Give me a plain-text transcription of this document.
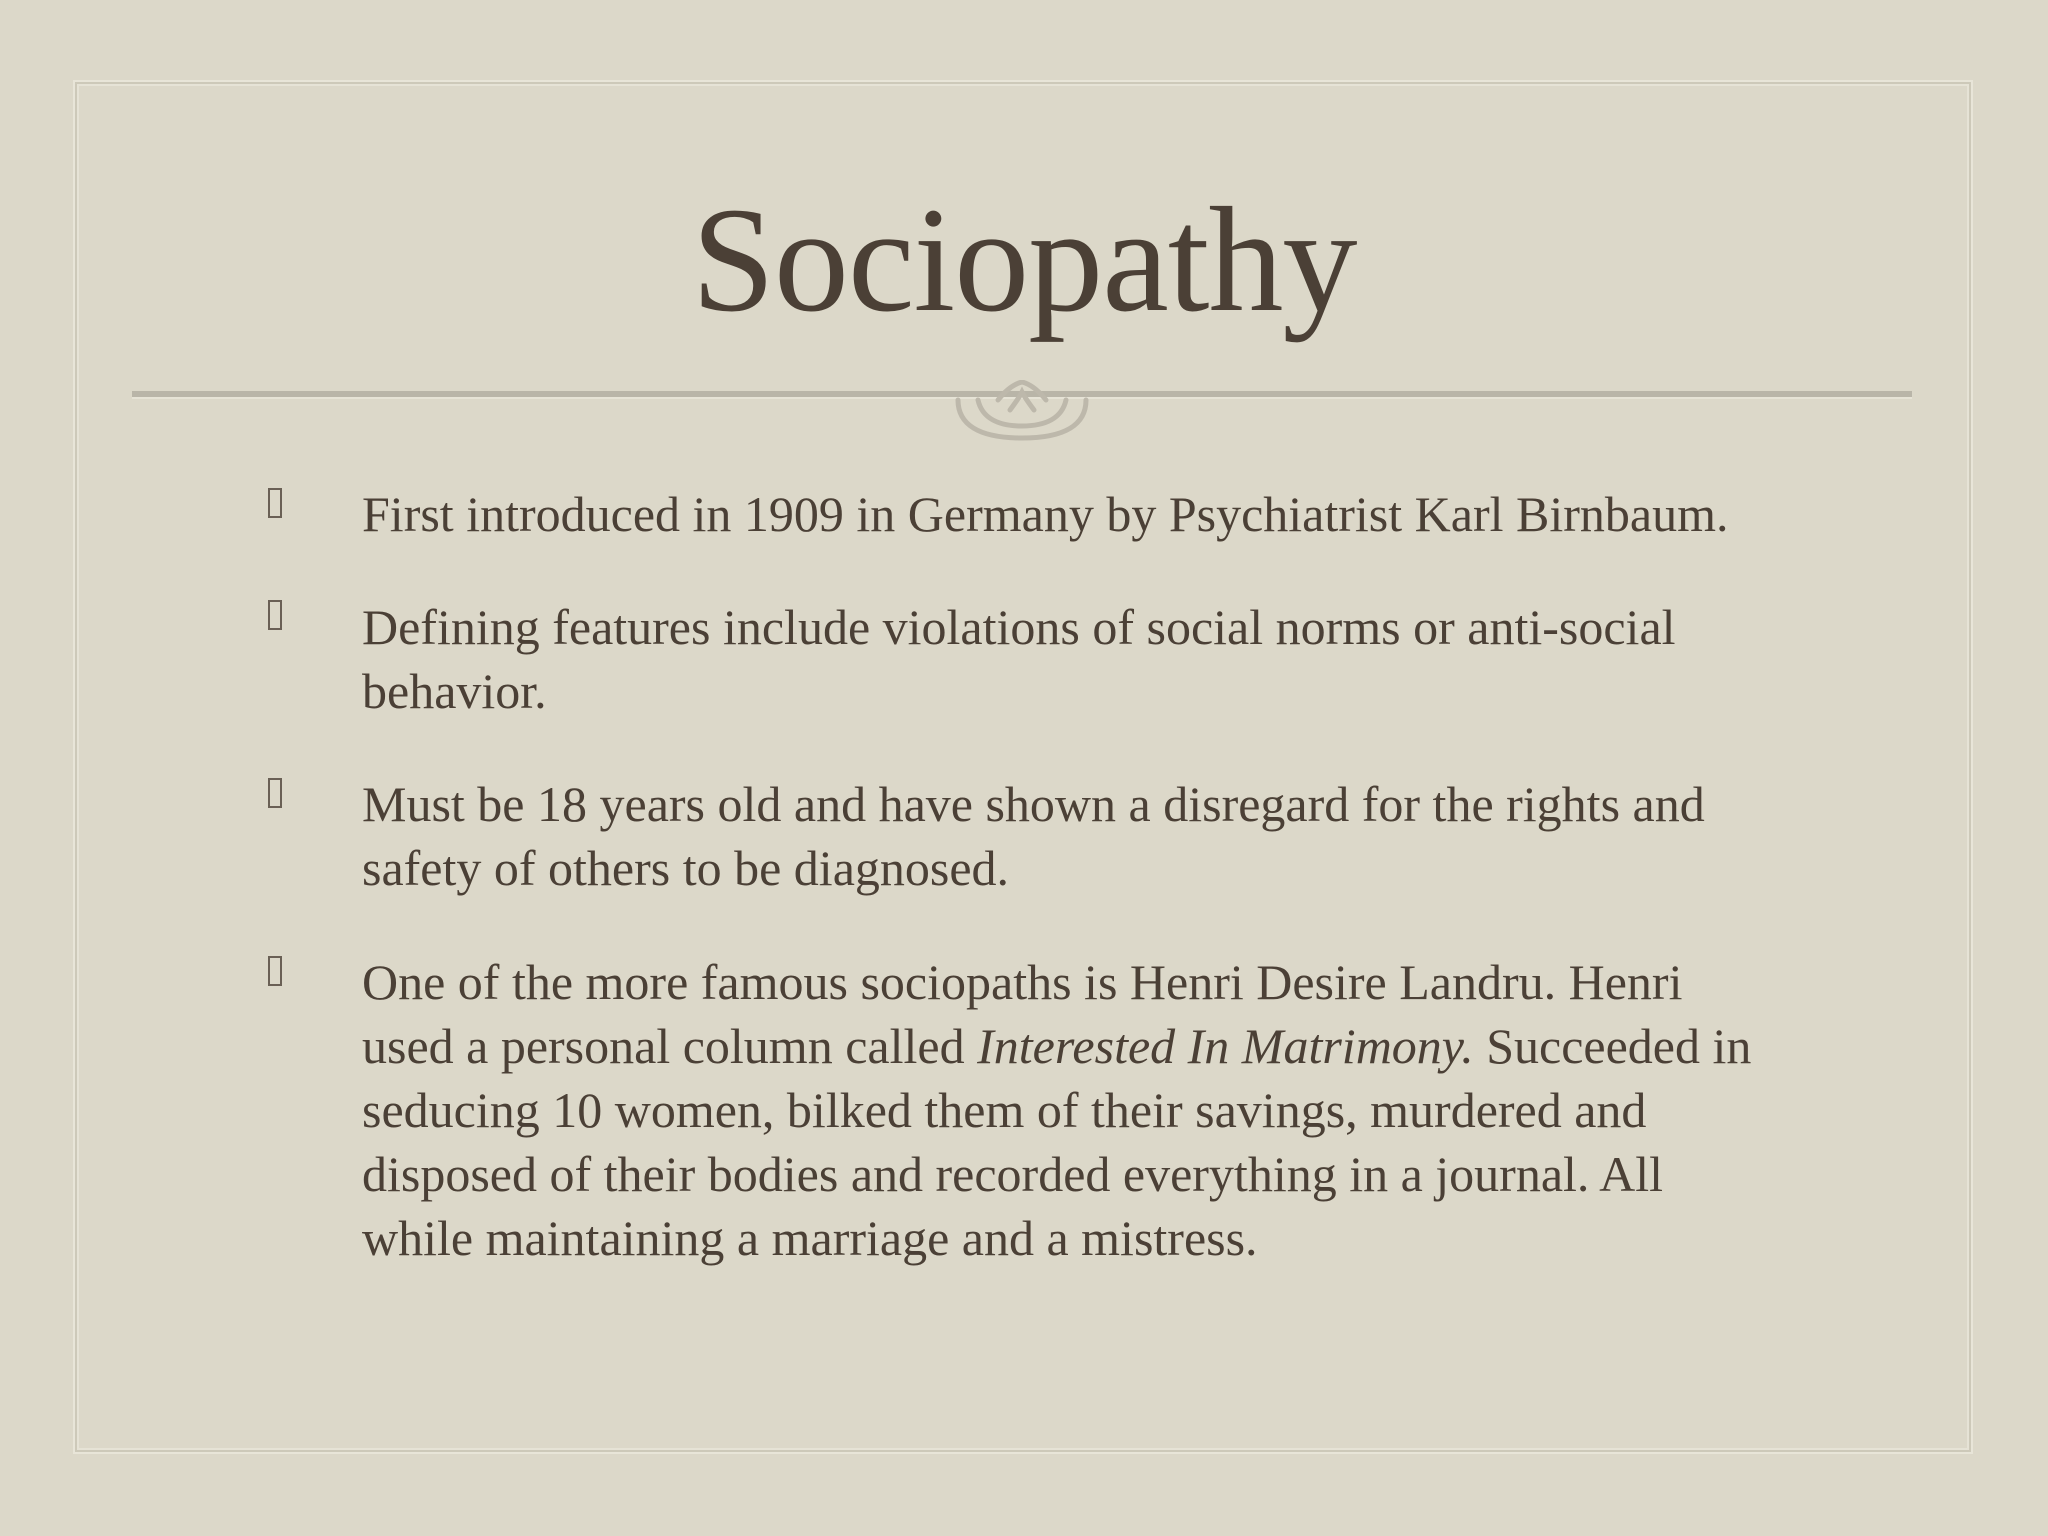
Sociopathy
First introduced in 1909 in Germany by Psychiatrist Karl Birnbaum.
Defining features include violations of social norms or anti-social behavior.
Must be 18 years old and have shown a disregard for the rights and safety of others to be diagnosed.
One of the more famous sociopaths is Henri Desire Landru. Henri used a personal column called Interested In Matrimony. Succeeded in seducing 10 women, bilked them of their savings, murdered and disposed of their bodies and recorded everything in a journal. All while maintaining a marriage and a mistress.
